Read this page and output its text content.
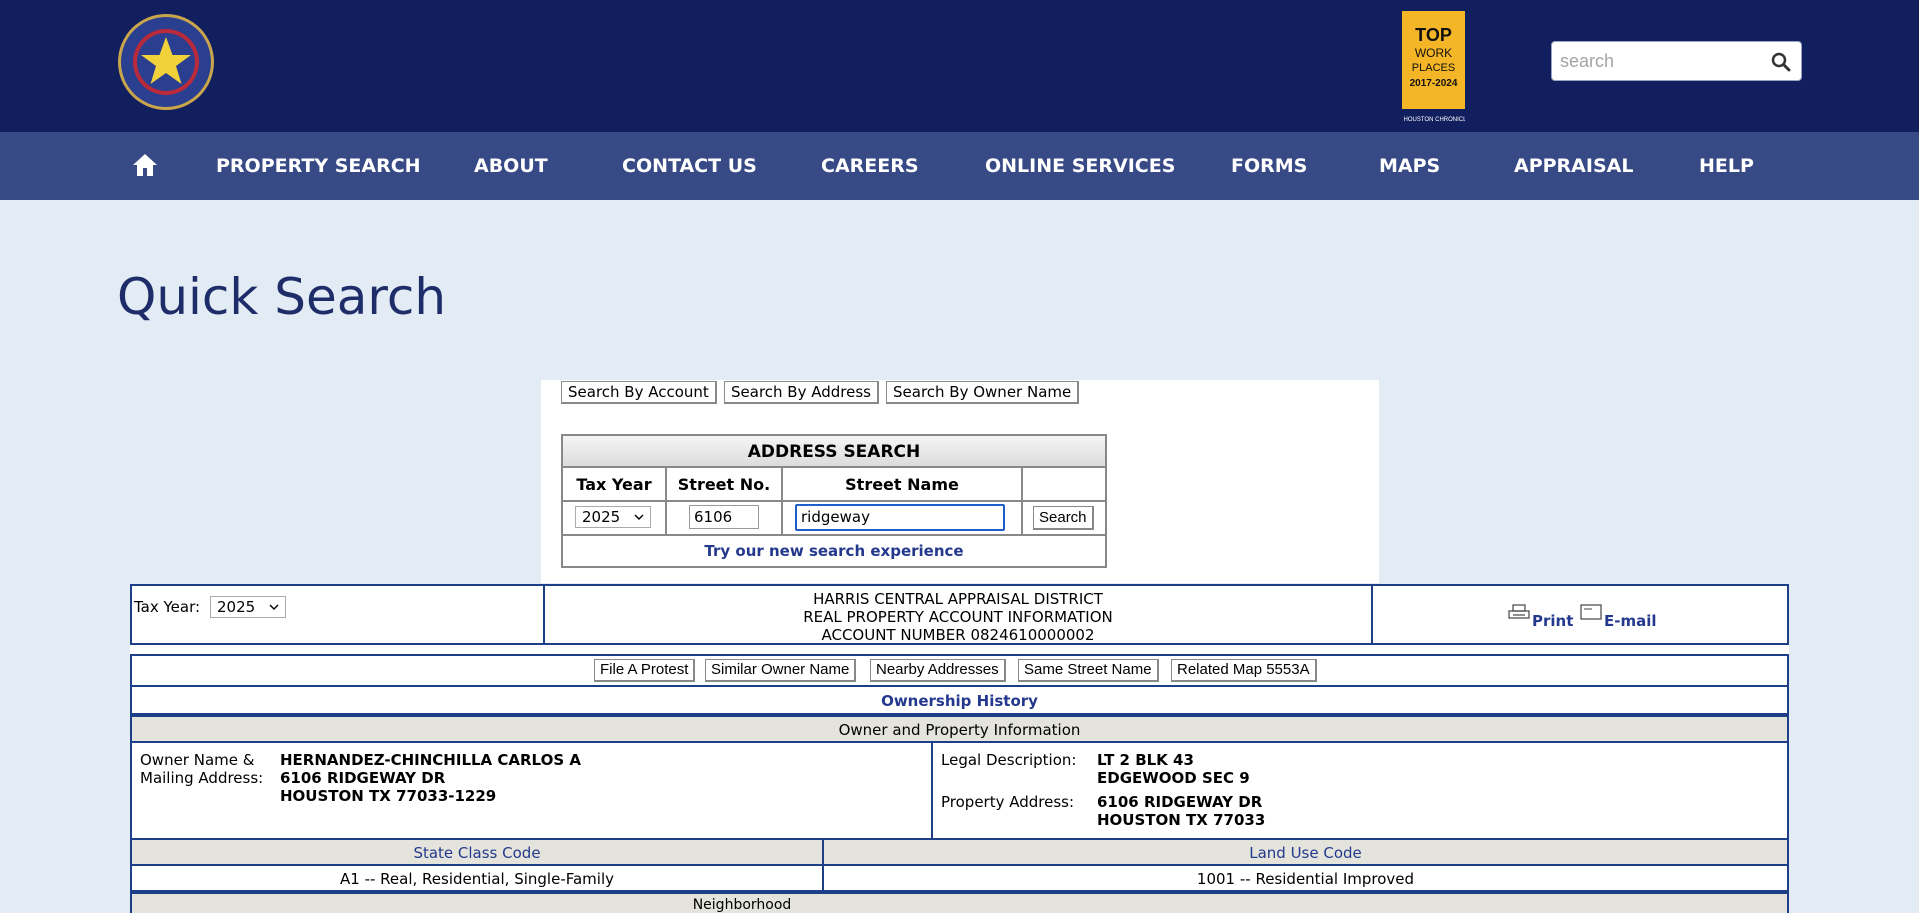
TOP
WORK
PLACES
2017-2024
HOUSTON CHRONICLE
search
PROPERTY SEARCH	ABOUT	CONTACT US	CAREERS	ONLINE SERVICES	FORMS	MAPS	APPRAISAL	HELP
Quick Search
Search By Account	Search By Address	Search By Owner Name
ADDRESS SEARCH
Tax Year	Street No.	Street Name
2025	6106	ridgeway	Search
Try our new search experience
Tax Year:	2025	HARRIS CENTRAL APPRAISAL DISTRICT
REAL PROPERTY ACCOUNT INFORMATION
ACCOUNT NUMBER 0824610000002
Print E-mail
File A Protest	Similar Owner Name	Nearby Addresses	Same Street Name	Related Map 5553A
Ownership History
Owner and Property Information
Owner Name &
Mailing Address:
HERNANDEZ-CHINCHILLA CARLOS A
6106 RIDGEWAY DR
HOUSTON TX 77033-1229
Legal Description: LT 2 BLK 43
EDGEWOOD SEC 9
Property Address: 6106 RIDGEWAY DR
HOUSTON TX 77033
State Class Code	Land Use Code
A1 -- Real, Residential, Single-Family	1001 -- Residential Improved
Neighborhood
